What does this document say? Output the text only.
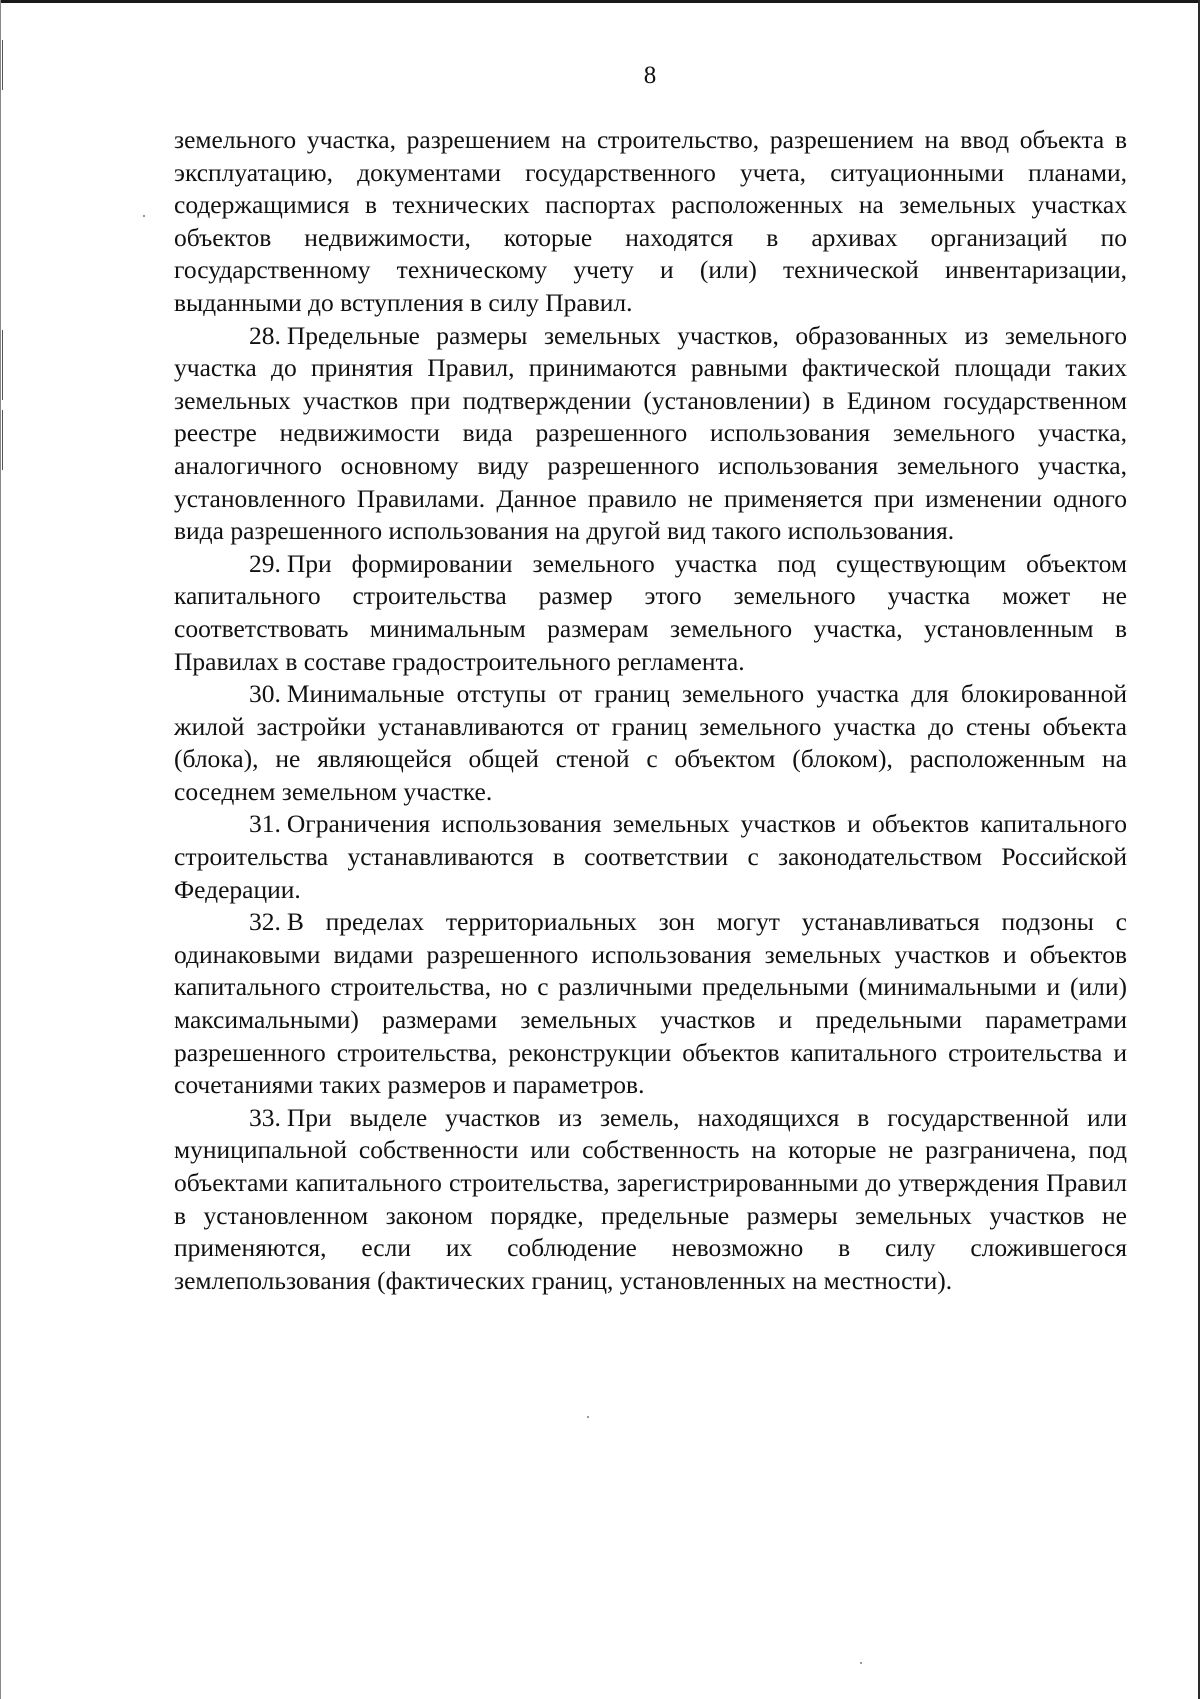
8

земельного участка, разрешением на строительство, разрешением на ввод объекта в эксплуатацию, документами государственного учета, ситуационными планами, содержащимися в технических паспортах расположенных на земельных участках объектов недвижимости, которые находятся в архивах организаций по государственному техническому учету и (или) технической инвентаризации, выданными до вступления в силу Правил.

28. Предельные размеры земельных участков, образованных из земельного участка до принятия Правил, принимаются равными фактической площади таких земельных участков при подтверждении (установлении) в Едином государственном реестре недвижимости вида разрешенного использования земельного участка, аналогичного основному виду разрешенного использования земельного участка, установленного Правилами. Данное правило не применяется при изменении одного вида разрешенного использования на другой вид такого использования.

29. При формировании земельного участка под существующим объектом капитального строительства размер этого земельного участка может не соответствовать минимальным размерам земельного участка, установленным в Правилах в составе градостроительного регламента.

30. Минимальные отступы от границ земельного участка для блокированной жилой застройки устанавливаются от границ земельного участка до стены объекта (блока), не являющейся общей стеной с объектом (блоком), расположенным на соседнем земельном участке.

31. Ограничения использования земельных участков и объектов капитального строительства устанавливаются в соответствии с законодательством Российской Федерации.

32. В пределах территориальных зон могут устанавливаться подзоны с одинаковыми видами разрешенного использования земельных участков и объектов капитального строительства, но с различными предельными (минимальными и (или) максимальными) размерами земельных участков и предельными параметрами разрешенного строительства, реконструкции объектов капитального строительства и сочетаниями таких размеров и параметров.

33. При выделе участков из земель, находящихся в государственной или муниципальной собственности или собственность на которые не разграничена, под объектами капитального строительства, зарегистрированными до утверждения Правил в установленном законом порядке, предельные размеры земельных участков не применяются, если их соблюдение невозможно в силу сложившегося землепользования (фактических границ, установленных на местности).
